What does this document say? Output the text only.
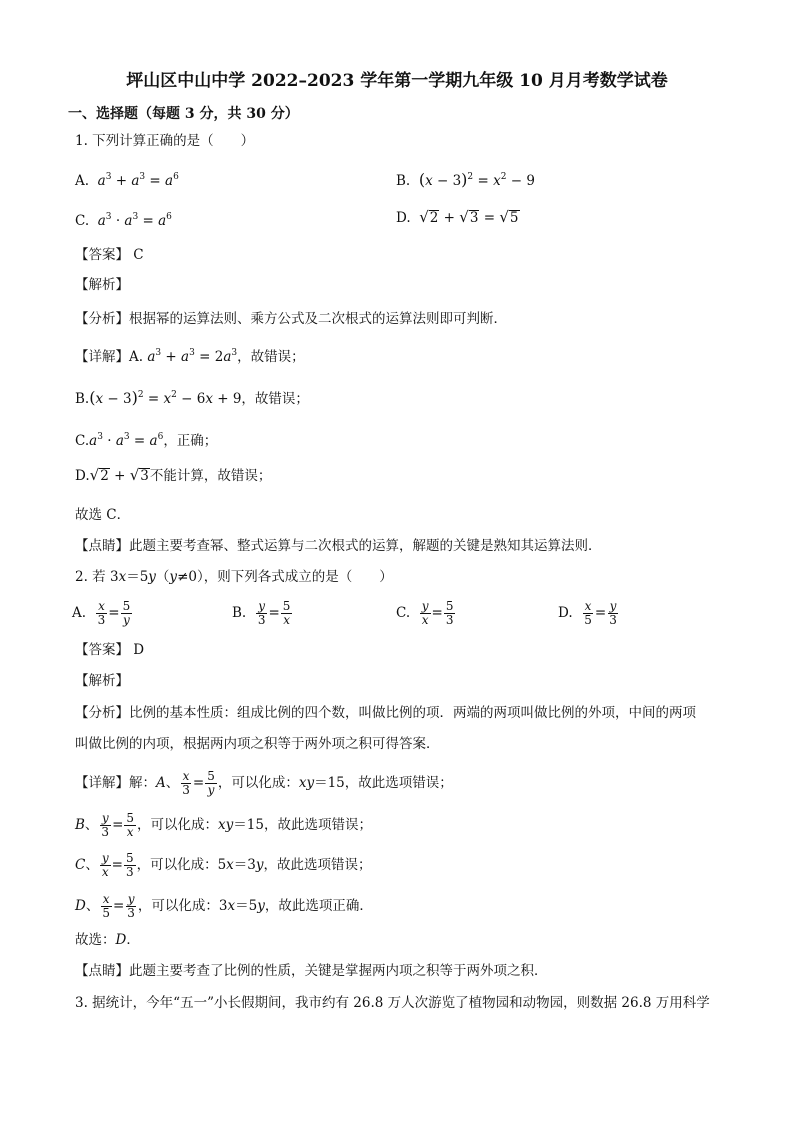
坪山区中山中学 2022–2023 学年第一学期九年级 10 月月考数学试卷
一、选择题（每题 3 分，共 30 分）
1. 下列计算正确的是（　　）
A. $a^3 + a^3 = a^6$	B. $(x - 3)^2 = x^2 - 9$
C. $a^3 \cdot a^3 = a^6$	D. √ 2 + √ 3 = √ 5
【答案】 C
【解析】
【分析】根据幂的运算法则、乘方公式及二次根式的运算法则即可判断．
【详解】A. $a^3 + a^3 = 2a^3$，故错误；
$B.(x - 3)^2 = x^2 - 6x + 9$，故错误；
$C.a^3 \cdot a^3 = a^6$，正确；
D. √ 2 + √ 3 不能计算，故错误；
故选 C．
【点睛】此题主要考查幂、整式运算与二次根式的运算，解题的关键是熟知其运算法则．
2. 若 3x＝5y（y≠0），则下列各式成立的是（　　）
A. $\frac{x}{3} = \frac{5}{y}$	B. $\frac{y}{3} = \frac{5}{x}$	C. $\frac{y}{x} = \frac{5}{3}$	D. $\frac{x}{5} = \frac{y}{3}$
【答案】 D
【解析】
【分析】比例的基本性质：组成比例的四个数，叫做比例的项．两端的两项叫做比例的外项，中间的两项
叫做比例的内项，根据两内项之积等于两外项之积可得答案．
【详解】解：A、 $\frac{x}{3} = \frac{5}{y}$ ，可以化成：xy＝15，故此选项错误；
B、 $\frac{y}{3} = \frac{5}{x}$ ，可以化成：xy＝15，故此选项错误；
C、 $\frac{y}{x} = \frac{5}{3}$ ，可以化成：5x＝3y，故此选项错误；
D、 $\frac{x}{5} = \frac{y}{3}$ ，可以化成：3x＝5y，故此选项正确．
故选：D．
【点睛】此题主要考查了比例的性质，关键是掌握两内项之积等于两外项之积．
3. 据统计，今年“五一”小长假期间，我市约有 26.8 万人次游览了植物园和动物园，则数据 26.8 万用科学
